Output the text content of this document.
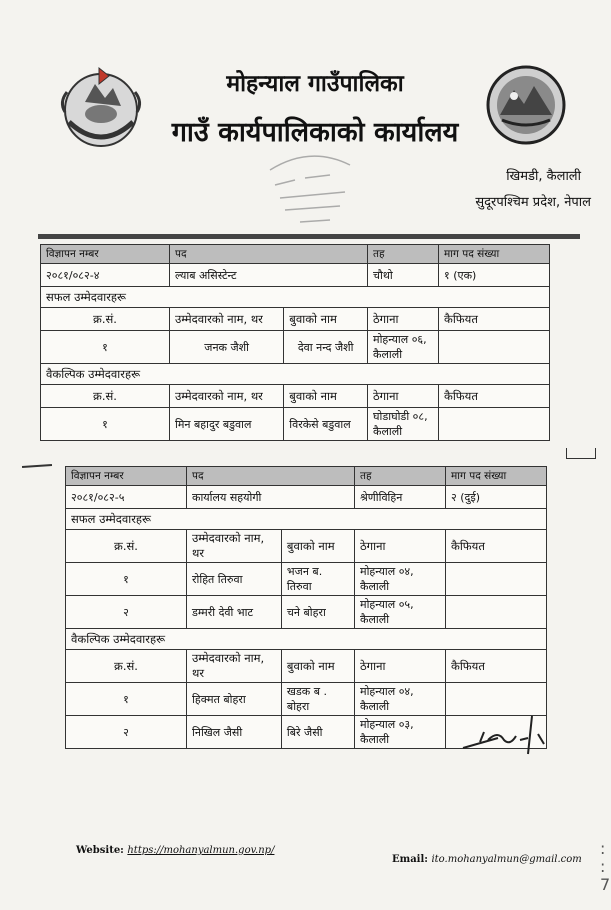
मोहन्याल गाउँपालिका
गाउँ कार्यपालिकाको कार्यालय
खिमडी, कैलाली
सुदूरपश्चिम प्रदेश, नेपाल
विज्ञापन नम्बर	पद		तह	माग पद संख्या
२०८१/०८२-४	ल्याब असिस्टेन्ट		चौथो	१ (एक)
सफल उम्मेदवारहरू				
क्र.सं.	उम्मेदवारको नाम, थर	बुवाको नाम	ठेगाना	कैफियत
१	जनक जैशी	देवा नन्द जैशी	मोहन्याल ०६, कैलाली	
वैकल्पिक उम्मेदवारहरू				
क्र.सं.	उम्मेदवारको नाम, थर	बुवाको नाम	ठेगाना	कैफियत
१	मिन बहादुर बडुवाल	विरकेसे बडुवाल	घोडाघोडी ०८, कैलाली	
विज्ञापन नम्बर	पद		तह	माग पद संख्या
२०८१/०८२-५	कार्यालय सहयोगी		श्रेणीविहिन	२ (दुई)
सफल उम्मेदवारहरू				
क्र.सं.	उम्मेदवारको नाम, थर	बुवाको नाम	ठेगाना	कैफियत
१	रोहित तिरुवा	भजन ब. तिरुवा	मोहन्याल ०४, कैलाली	
२	डम्मरी देवी भाट	चने बोहरा	मोहन्याल ०५, कैलाली	
वैकल्पिक उम्मेदवारहरू				
क्र.सं.	उम्मेदवारको नाम, थर	बुवाको नाम	ठेगाना	कैफियत
१	हिक्मत बोहरा	खडक ब . बोहरा	मोहन्याल ०४, कैलाली	
२	निखिल जैसी	बिरे जैसी	मोहन्याल ०३, कैलाली	
Website: https://mohanyalmun.gov.np/
Email: ito.mohanyalmun@gmail.com
:
:
7
